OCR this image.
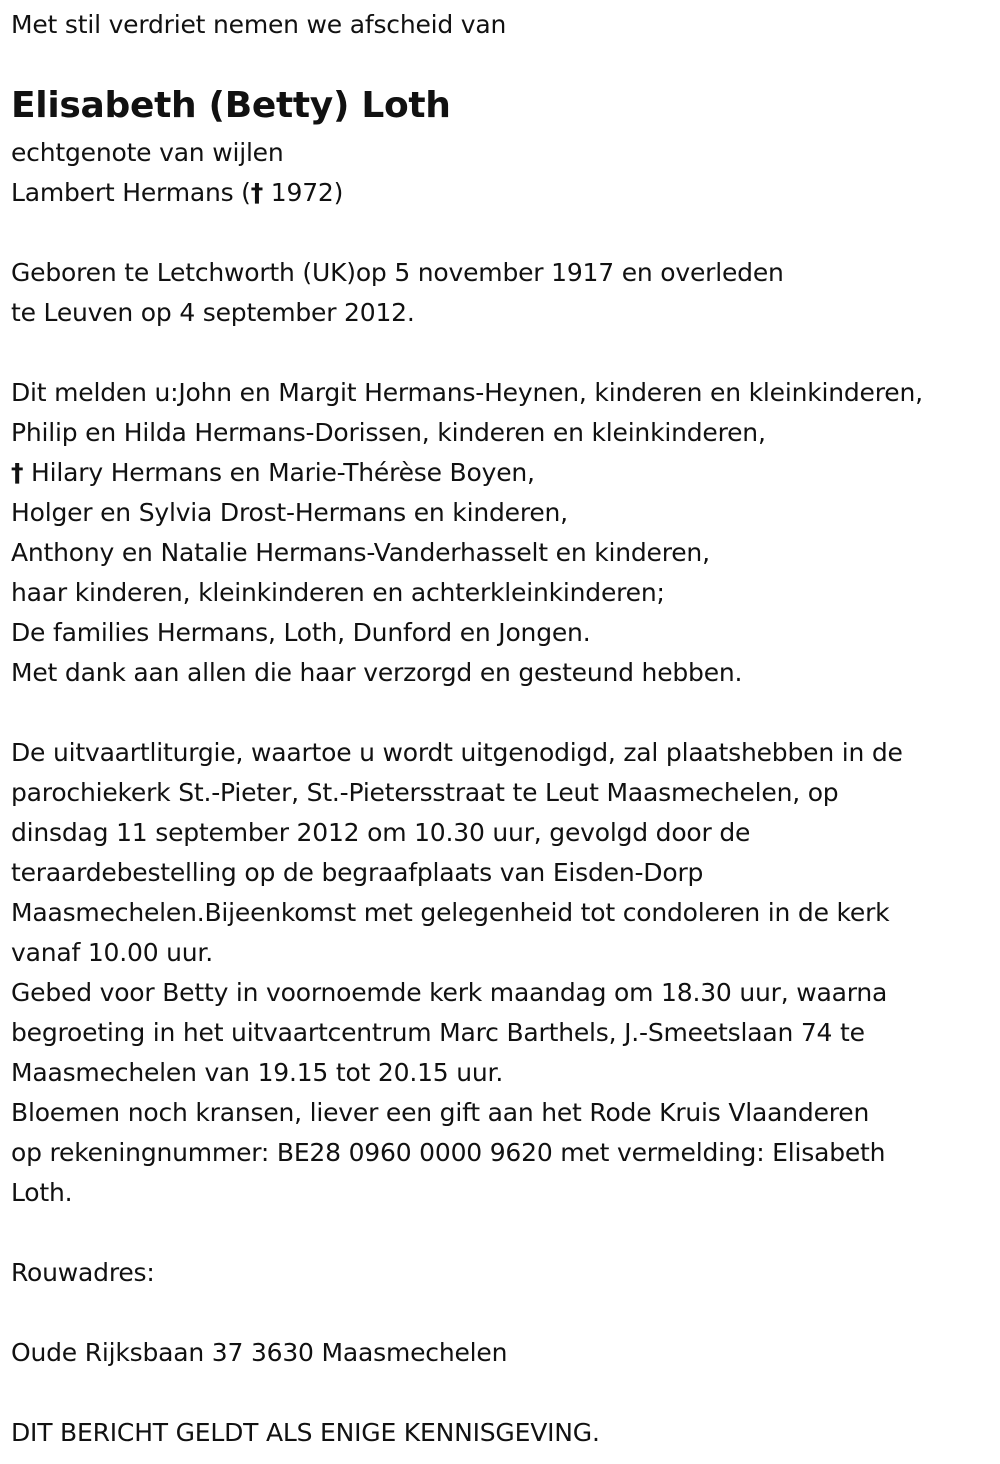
Met stil verdriet nemen we afscheid van
Elisabeth (Betty) Loth
echtgenote van wijlen
Lambert Hermans († 1972)
Geboren te Letchworth (UK)op 5 november 1917 en overleden
te Leuven op 4 september 2012.
Dit melden u:John en Margit Hermans-Heynen, kinderen en kleinkinderen,
Philip en Hilda Hermans-Dorissen, kinderen en kleinkinderen,
† Hilary Hermans en Marie-Thérèse Boyen,
Holger en Sylvia Drost-Hermans en kinderen,
Anthony en Natalie Hermans-Vanderhasselt en kinderen,
haar kinderen, kleinkinderen en achterkleinkinderen;
De families Hermans, Loth, Dunford en Jongen.
Met dank aan allen die haar verzorgd en gesteund hebben.
De uitvaartliturgie, waartoe u wordt uitgenodigd, zal plaatshebben in de
parochiekerk St.-Pieter, St.-Pietersstraat te Leut Maasmechelen, op
dinsdag 11 september 2012 om 10.30 uur, gevolgd door de
teraardebestelling op de begraafplaats van Eisden-Dorp
Maasmechelen.Bijeenkomst met gelegenheid tot condoleren in de kerk
vanaf 10.00 uur.
Gebed voor Betty in voornoemde kerk maandag om 18.30 uur, waarna
begroeting in het uitvaartcentrum Marc Barthels, J.-Smeetslaan 74 te
Maasmechelen van 19.15 tot 20.15 uur.
Bloemen noch kransen, liever een gift aan het Rode Kruis Vlaanderen
op rekeningnummer: BE28 0960 0000 9620 met vermelding: Elisabeth
Loth.
Rouwadres:
Oude Rijksbaan 37 3630 Maasmechelen
DIT BERICHT GELDT ALS ENIGE KENNISGEVING.
